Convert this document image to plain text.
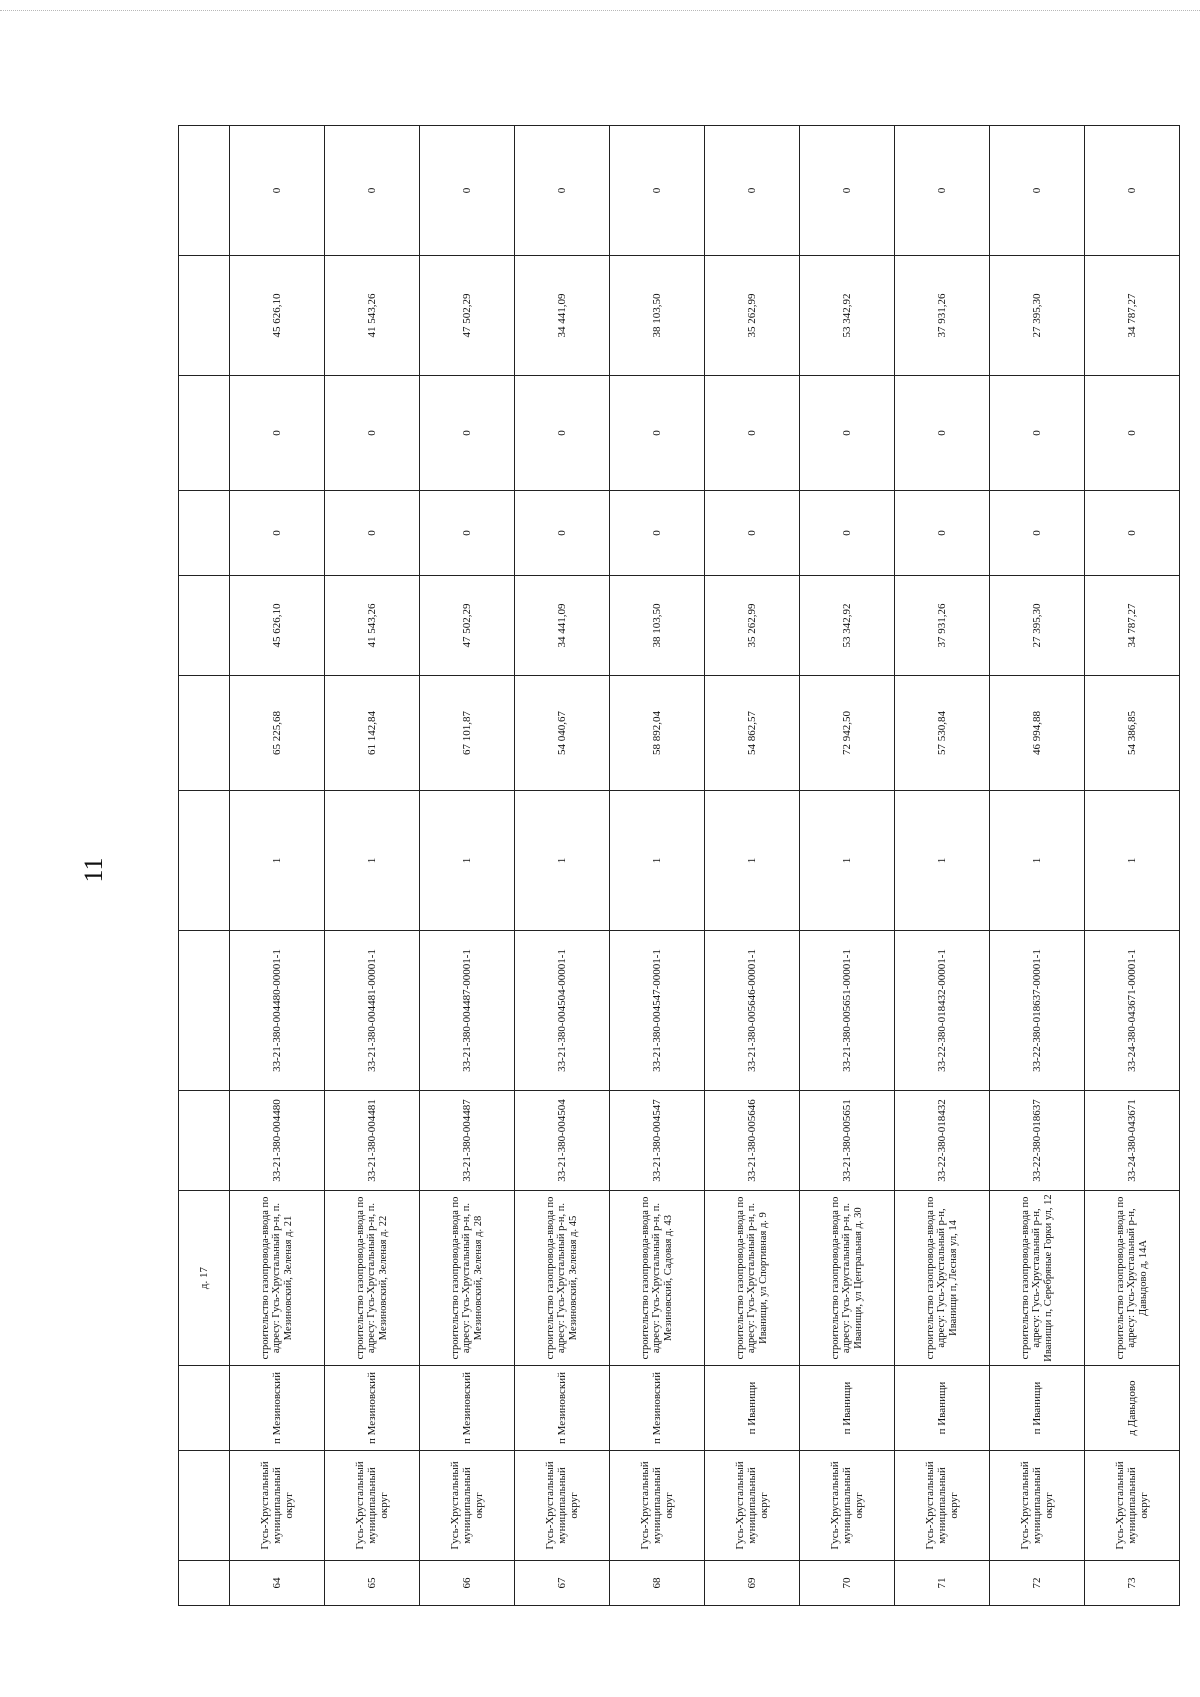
11
			д. 17									
64	Гусь-Хрустальный муниципальный округ	п Мезиновский	строительство газопровода-ввода по адресу: Гусь-Хрустальный р-н, п. Мезиновский, Зеленая д. 21	33-21-380-004480	33-21-380-004480-00001-1	1	65 225,68	45 626,10	0	0	45 626,10	0
65	Гусь-Хрустальный муниципальный округ	п Мезиновский	строительство газопровода-ввода по адресу: Гусь-Хрустальный р-н, п. Мезиновский, Зеленая д. 22	33-21-380-004481	33-21-380-004481-00001-1	1	61 142,84	41 543,26	0	0	41 543,26	0
66	Гусь-Хрустальный муниципальный округ	п Мезиновский	строительство газопровода-ввода по адресу: Гусь-Хрустальный р-н, п. Мезиновский, Зеленая д. 28	33-21-380-004487	33-21-380-004487-00001-1	1	67 101,87	47 502,29	0	0	47 502,29	0
67	Гусь-Хрустальный муниципальный округ	п Мезиновский	строительство газопровода-ввода по адресу: Гусь-Хрустальный р-н, п. Мезиновский, Зеленая д. 45	33-21-380-004504	33-21-380-004504-00001-1	1	54 040,67	34 441,09	0	0	34 441,09	0
68	Гусь-Хрустальный муниципальный округ	п Мезиновский	строительство газопровода-ввода по адресу: Гусь-Хрустальный р-н, п. Мезиновский, Садовая д. 43	33-21-380-004547	33-21-380-004547-00001-1	1	58 892,04	38 103,50	0	0	38 103,50	0
69	Гусь-Хрустальный муниципальный округ	п Иванищи	строительство газопровода-ввода по адресу: Гусь-Хрустальный р-н, п. Иванищи, ул Спортивная д. 9	33-21-380-005646	33-21-380-005646-00001-1	1	54 862,57	35 262,99	0	0	35 262,99	0
70	Гусь-Хрустальный муниципальный округ	п Иванищи	строительство газопровода-ввода по адресу: Гусь-Хрустальный р-н, п. Иванищи, ул Центральная д. 30	33-21-380-005651	33-21-380-005651-00001-1	1	72 942,50	53 342,92	0	0	53 342,92	0
71	Гусь-Хрустальный муниципальный округ	п Иванищи	строительство газопровода-ввода по адресу: Гусь-Хрустальный р-н, Иванищи п, Лесная ул, 14	33-22-380-018432	33-22-380-018432-00001-1	1	57 530,84	37 931,26	0	0	37 931,26	0
72	Гусь-Хрустальный муниципальный округ	п Иванищи	строительство газопровода-ввода по адресу: Гусь-Хрустальный р-н, Иванищи п, Серебряные Горки ул, 12	33-22-380-018637	33-22-380-018637-00001-1	1	46 994,88	27 395,30	0	0	27 395,30	0
73	Гусь-Хрустальный муниципальный округ	д Давыдово	строительство газопровода-ввода по адресу: Гусь-Хрустальный р-н, Давыдово д, 14А	33-24-380-043671	33-24-380-043671-00001-1	1	54 386,85	34 787,27	0	0	34 787,27	0
